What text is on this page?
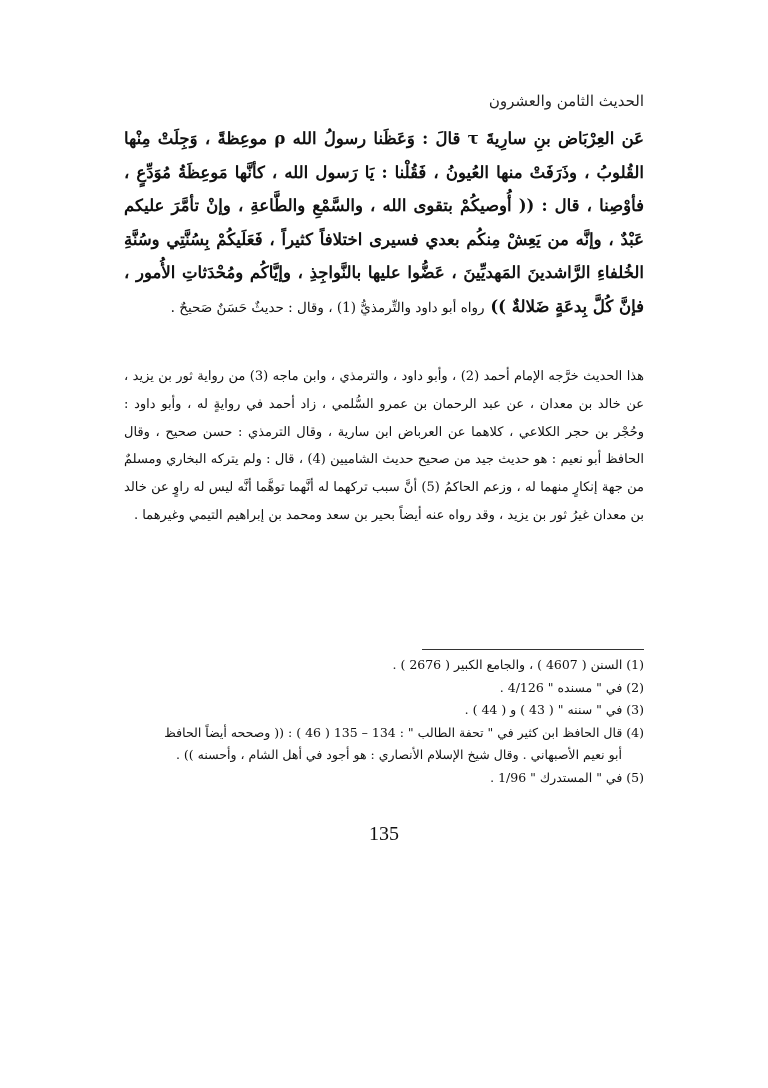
الحديث الثامن والعشرون
عَن العِرْبَاض بنِ سارِيةَ τ قالَ : وَعَظَنا رسولُ الله ρ موعِظةً ، وَجِلَتْ مِنْها القُلوبُ ، وذَرَفَتْ منها العُيونُ ، فَقُلْنا : يَا رَسول الله ، كأنَّها مَوعِظَةُ مُوَدِّعٍ ، فأوْصِنا ، قال : (( أُوصيكُمْ بتقوى الله ، والسَّمْعِ والطَّاعةِ ، وإنْ تأمَّرَ عليكم عَبْدٌ ، وإنَّه من يَعِشْ مِنكُم بعدي فسيرى اختلافاً كثيراً ، فَعَلَيكُمْ بِسُنَّتِي وسُنَّةِ الخُلفاءِ الرَّاشدينَ المَهديِّينَ ، عَضُّوا عليها بالنَّواجِذِ ، وإيَّاكُم ومُحْدَثاتِ الأُمور ، فإنَّ كُلَّ بِدعَةٍ ضَلالةٌ )) رواه أبو داود والتِّرمذيُّ (1) ، وقال : حديثٌ حَسَنٌ صَحيحٌ .
هذا الحديث خرَّجه الإمام أحمد (2) ، وأبو داود ، والترمذي ، وابن ماجه (3) من رواية ثور بن يزيد ، عن خالد بن معدان ، عن عبد الرحمان بن عمرو السُّلمي ، زاد أحمد في روايةٍ له ، وأبو داود : وحُجْر بن حجر الكلاعي ، كلاهما عن العرباض ابن سارية ، وقال الترمذي : حسن صحيح ، وقال الحافظ أبو نعيم : هو حديث جيد من صحيح حديث الشاميين (4) ، قال : ولم يتركه البخاري ومسلمٌ من جهة إنكارٍ منهما له ، وزعم الحاكمُ (5) أنَّ سبب تركهما له أنَّهما توهَّما أنَّه ليس له راوٍ عن خالد بن معدان غيرُ ثور بن يزيد ، وقد رواه عنه أيضاً بحير بن سعد ومحمد بن إبراهيم التيمي وغيرهما .

(1) السنن ( 4607 ) ، والجامع الكبير ( 2676 ) .

(2) في " مسنده " 4/126 .

(3) في " سننه " ( 43 ) و ( 44 ) .

(4) قال الحافظ ابن كثير في " تحفة الطالب " : 134 – 135 ( 46 ) : (( وصححه أيضاً الحافظ

أبو نعيم الأصبهاني . وقال شيخ الإسلام الأنصاري : هو أجود في أهل الشام ، وأحسنه )) .

(5) في " المستدرك " 1/96 .

135
